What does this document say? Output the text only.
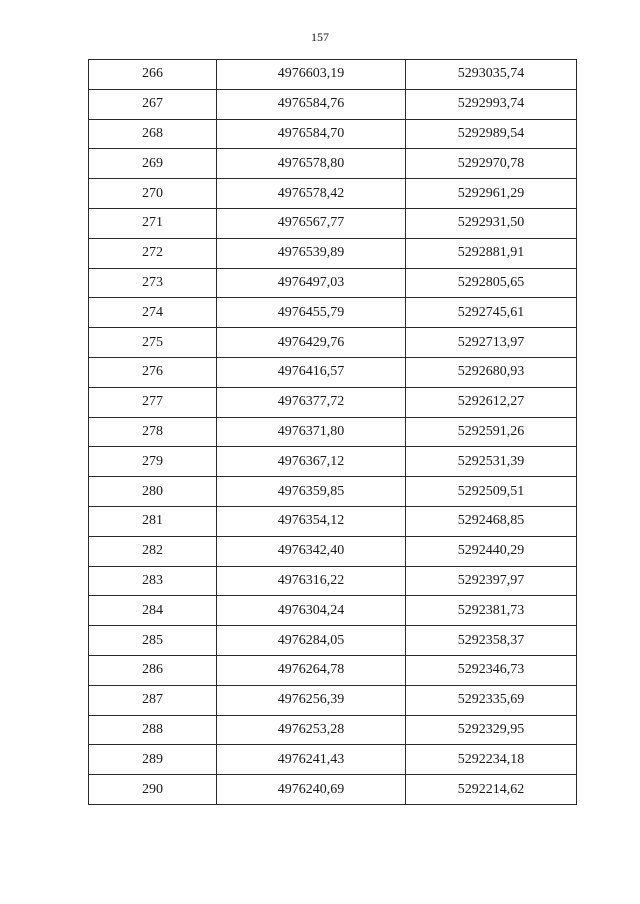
157
266	4976603,19	5293035,74
267	4976584,76	5292993,74
268	4976584,70	5292989,54
269	4976578,80	5292970,78
270	4976578,42	5292961,29
271	4976567,77	5292931,50
272	4976539,89	5292881,91
273	4976497,03	5292805,65
274	4976455,79	5292745,61
275	4976429,76	5292713,97
276	4976416,57	5292680,93
277	4976377,72	5292612,27
278	4976371,80	5292591,26
279	4976367,12	5292531,39
280	4976359,85	5292509,51
281	4976354,12	5292468,85
282	4976342,40	5292440,29
283	4976316,22	5292397,97
284	4976304,24	5292381,73
285	4976284,05	5292358,37
286	4976264,78	5292346,73
287	4976256,39	5292335,69
288	4976253,28	5292329,95
289	4976241,43	5292234,18
290	4976240,69	5292214,62
